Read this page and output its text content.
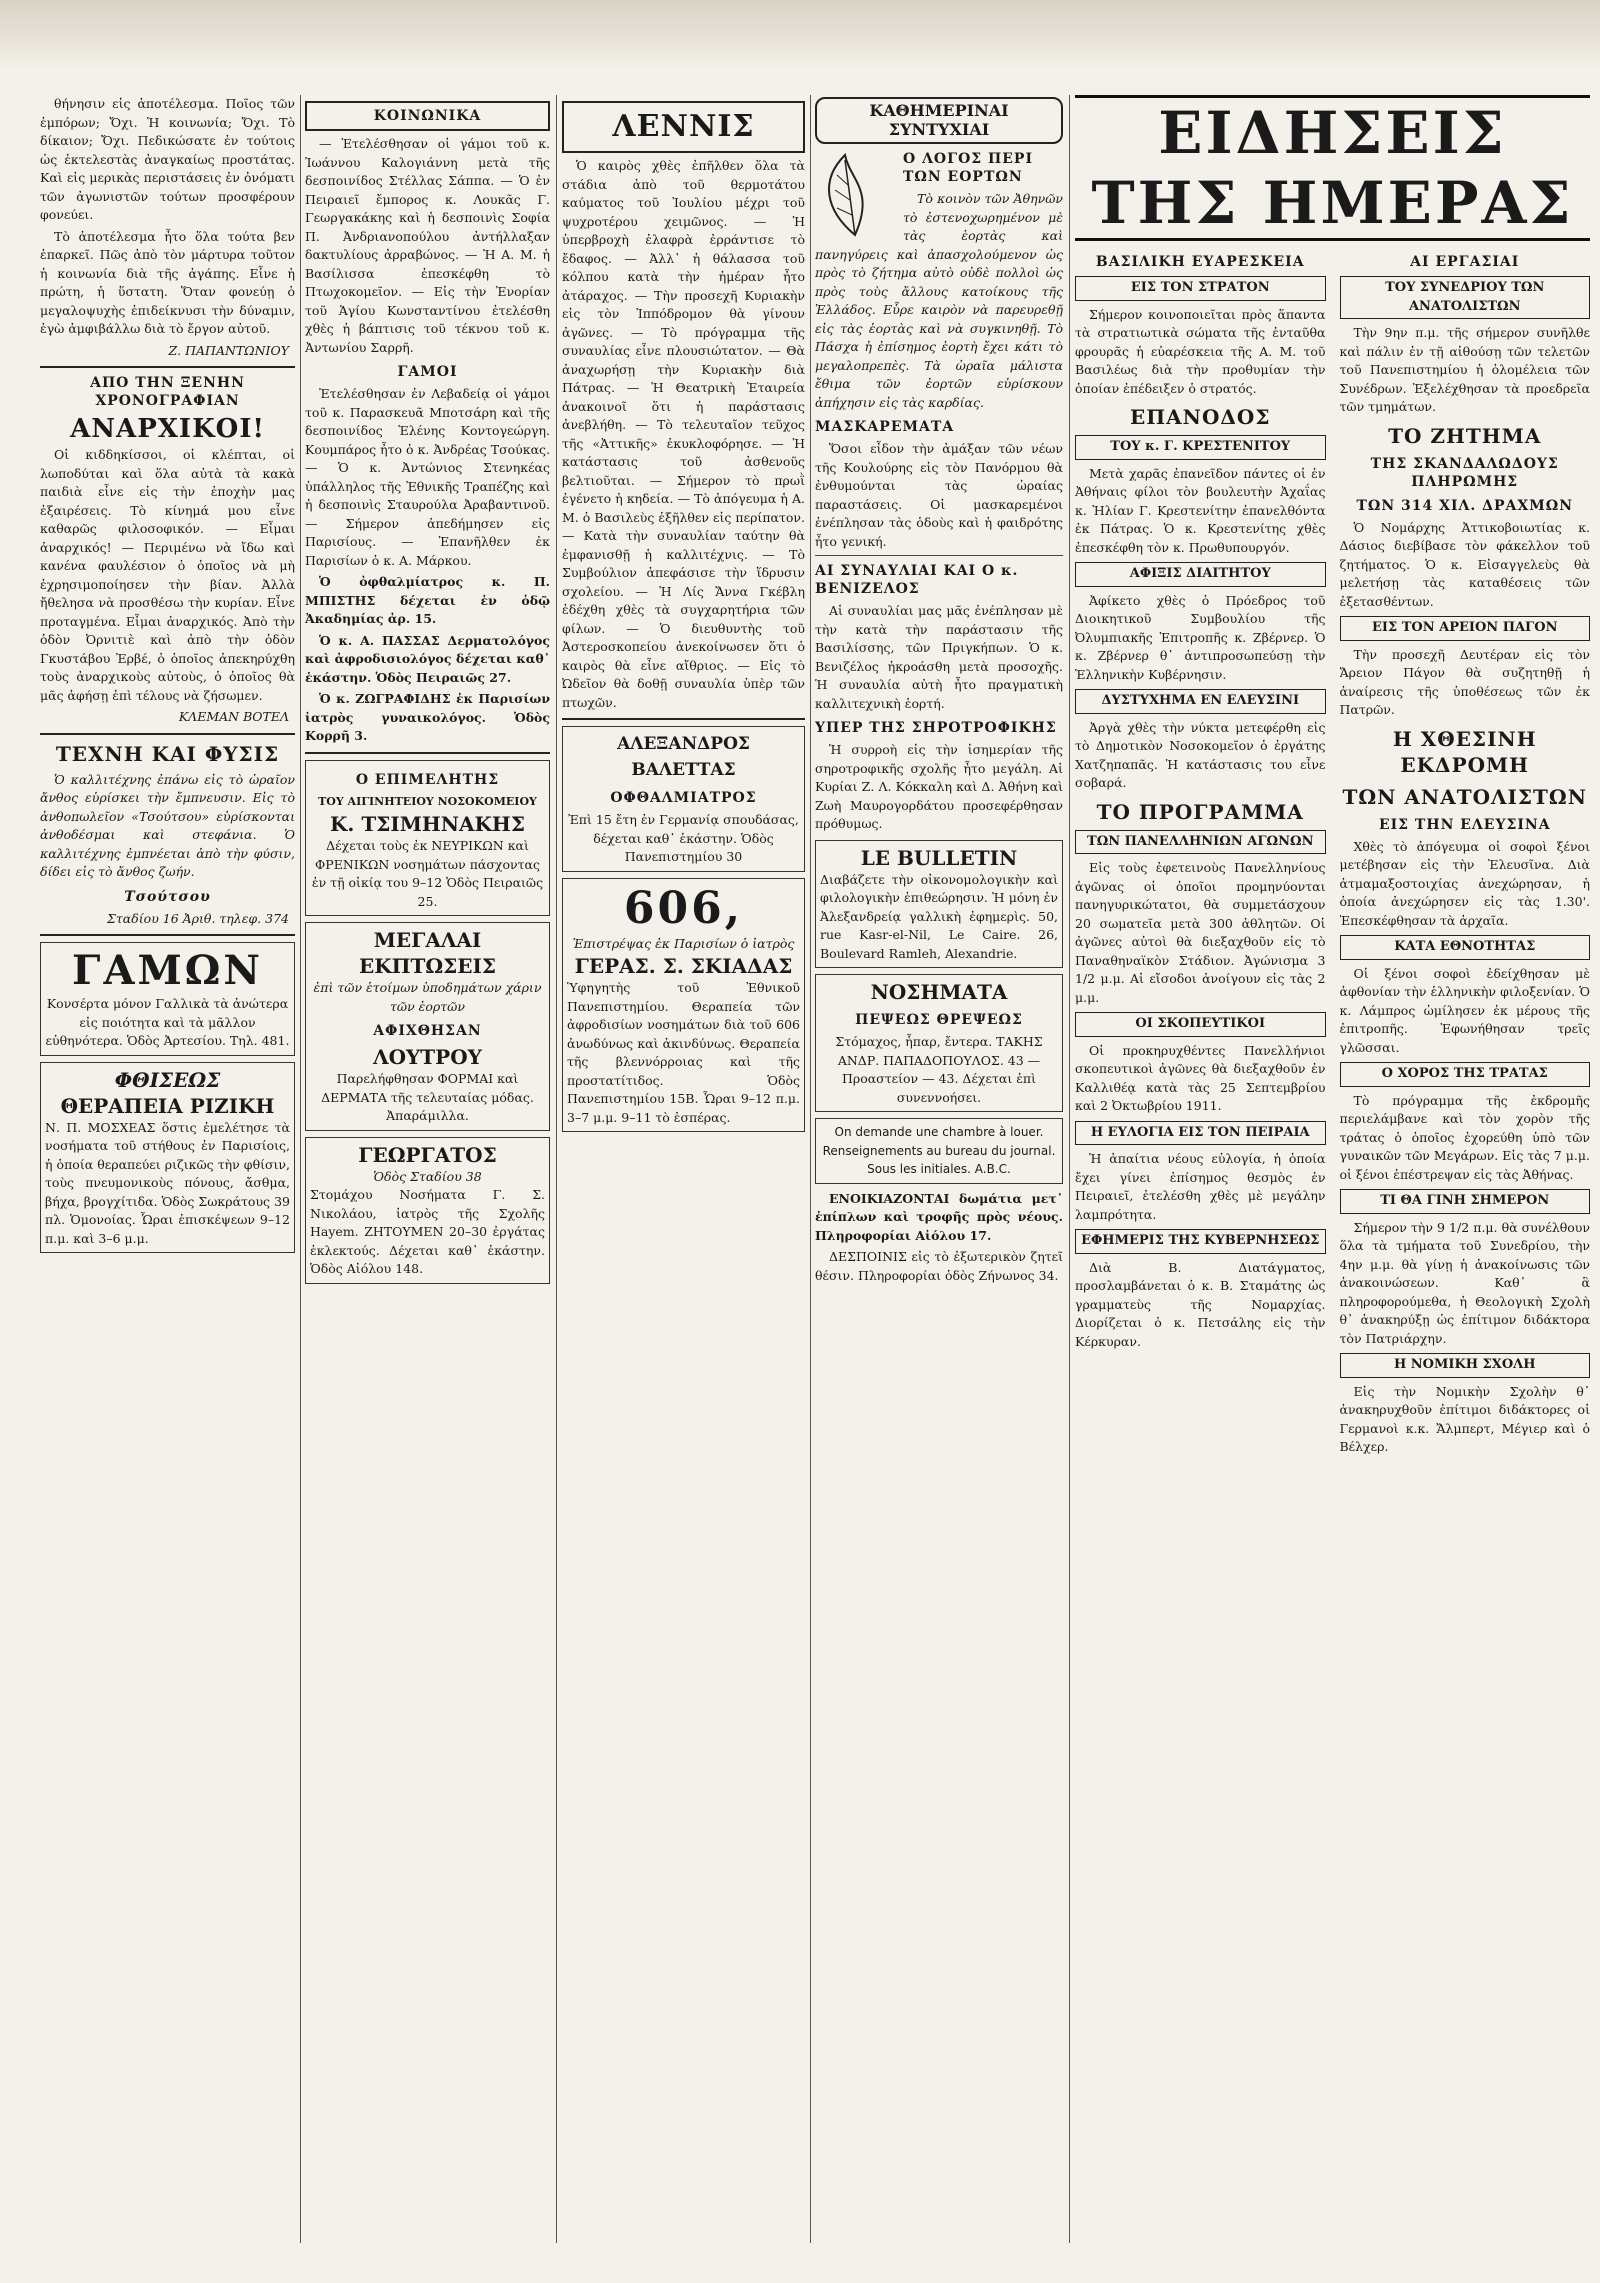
θήνησιν εἰς ἀποτέλεσμα. Ποῖος τῶν ἐμπόρων; Ὄχι. Ἡ κοινωνία; Ὄχι. Τὸ δίκαιον; Ὄχι. Πεδικώσατε ἐν τούτοις ὡς ἐκτελεστὰς ἀναγκαίως προστάτας. Καὶ εἰς μερικὰς περιστάσεις ἐν ὀνόματι τῶν ἀγωνιστῶν τούτων προσφέρουν φονεύει.

Τὸ ἀποτέλεσμα ἦτο ὅλα τούτα βεν ἐπαρκεῖ. Πῶς ἀπὸ τὸν μάρτυρα τοῦτον ἡ κοινωνία διὰ τῆς ἀγάπης. Εἶνε ἡ πρώτη, ἡ ὕστατη. Ὅταν φονεύῃ ὁ μεγαλοψυχὴς ἐπιδείκνυσι τὴν δύναμιν, ἐγὼ ἀμφιβάλλω διὰ τὸ ἔργον αὐτοῦ.

Ζ. ΠΑΠΑΝΤΩΝΙΟΥ
ΑΠΟ ΤΗΝ ΞΕΝΗΝ ΧΡΟΝΟΓΡΑΦΙΑΝ
ΑΝΑΡΧΙΚΟΙ!

Οἱ κιδδηκίσσοι, οἱ κλέπται, οἱ λωποδύται καὶ ὅλα αὐτὰ τὰ κακὰ παιδιὰ εἶνε εἰς τὴν ἐποχὴν μας ἐξαιρέσεις. Τὸ κίνημά μου εἶνε καθαρῶς φιλοσοφικόν. — Εἶμαι ἀναρχικός! — Περιμένω νὰ ἴδω καὶ κανένα φαυλέσιον ὁ ὁποῖος νὰ μὴ ἐχρησιμοποίησεν τὴν βίαν. Ἀλλὰ ἤθελησα νὰ προσθέσω τὴν κυρίαν. Εἶνε προταγμένα. Εἶμαι ἀναρχικός. Ἀπὸ τὴν ὁδὸν Ὀρνιτιὲ καὶ ἀπὸ τὴν ὁδὸν Γκυστάβου Ἐρβέ, ὁ ὁποῖος ἀπεκηρύχθη τοὺς ἀναρχικοὺς αὐτοὺς, ὁ ὁποῖος θὰ μᾶς ἀφήσῃ ἐπὶ τέλους νὰ ζήσωμεν.

ΚΛΕΜΑΝ ΒΟΤΕΛ
ΤΕΧΝΗ ΚΑΙ ΦΥΣΙΣ

Ὁ καλλιτέχνης ἐπάνω εἰς τὸ ὡραῖον ἄνθος εὑρίσκει τὴν ἔμπνευσιν. Εἰς τὸ ἀνθοπωλεῖον «Τσούτσου» εὑρίσκονται ἀνθοδέσμαι καὶ στεφάνια. Ὁ καλλιτέχνης ἐμπνέεται ἀπὸ τὴν φύσιν, δίδει εἰς τὸ ἄνθος ζωήν.

Τσούτσου
Σταδίου 16 Ἀριθ. τηλεφ. 374
ΓΑΜΩΝ
Κονσέρτα μόνον Γαλλικὰ τὰ ἀνώτερα εἰς ποιότητα καὶ τὰ μᾶλλον εὐθηνότερα. Ὁδὸς Ἀρτεσίου. Τηλ. 481.
ΦΘΙΣΕΩΣ
ΘΕΡΑΠΕΙΑ ΡΙΖΙΚΗ
Ν. Π. ΜΟΣΧΕΑΣ ὅστις ἐμελέτησε τὰ νοσήματα τοῦ στήθους ἐν Παρισίοις, ἡ ὁποία θεραπεύει ριζικῶς τὴν φθίσιν, τοὺς πνευμονικοὺς πόνους, ἄσθμα, βήχα, βρογχίτιδα. Ὁδὸς Σωκράτους 39 πλ. Ὁμονοίας. Ὧραι ἐπισκέψεων 9–12 π.μ. καὶ 3–6 μ.μ.
ΚΟΙΝΩΝΙΚΑ

— Ἐτελέσθησαν οἱ γάμοι τοῦ κ. Ἰωάννου Καλογιάννη μετὰ τῆς δεσποινίδος Στέλλας Σάππα. — Ὁ ἐν Πειραιεῖ ἔμπορος κ. Λουκᾶς Γ. Γεωργακάκης καὶ ἡ δεσποινὶς Σοφία Π. Ἀνδριανοπούλου ἀντήλλαξαν δακτυλίους ἀρραβώνος. — Ἡ Α. Μ. ἡ Βασίλισσα ἐπεσκέφθη τὸ Πτωχοκομεῖον. — Εἰς τὴν Ἐνορίαν τοῦ Ἁγίου Κωνσταντίνου ἐτελέσθη χθὲς ἡ βάπτισις τοῦ τέκνου τοῦ κ. Ἀντωνίου Σαρρῆ.

ΓΑΜΟΙ

Ἐτελέσθησαν ἐν Λεβαδείᾳ οἱ γάμοι τοῦ κ. Παρασκευᾶ Μποτσάρη καὶ τῆς δεσποινίδος Ἑλένης Κοντογεώργη. Κουμπάρος ἦτο ὁ κ. Ἀνδρέας Τσούκας. — Ὁ κ. Ἀντώνιος Στενηκέας ὑπάλληλος τῆς Ἐθνικῆς Τραπέζης καὶ ἡ δεσποινὶς Σταυρούλα Ἀραβαντινοῦ. — Σήμερον ἀπεδήμησεν εἰς Παρισίους. — Ἐπανῆλθεν ἐκ Παρισίων ὁ κ. Α. Μάρκου.

Ὁ ὀφθαλμίατρος κ. Π. ΜΠΙΣΤΗΣ δέχεται ἐν ὁδῷ Ἀκαδημίας ἀρ. 15.

Ὁ κ. Α. ΠΑΣΣΑΣ Δερματολόγος καὶ ἀφροδισιολόγος δέχεται καθ᾿ ἑκάστην. Ὁδὸς Πειραιῶς 27.

Ὁ κ. ΖΩΓΡΑΦΙΔΗΣ ἐκ Παρισίων ἰατρὸς γυναικολόγος. Ὁδὸς Κορρῆ 3.

Ο ΕΠΙΜΕΛΗΤΗΣ
ΤΟΥ ΑΙΓΙΝΗΤΕΙΟΥ ΝΟΣΟΚΟΜΕΙΟΥ
Κ. ΤΣΙΜΗΝΑΚΗΣ
Δέχεται τοὺς ἐκ ΝΕΥΡΙΚΩΝ καὶ ΦΡΕΝΙΚΩΝ νοσημάτων πάσχοντας ἐν τῇ οἰκίᾳ του 9–12 Ὁδὸς Πειραιῶς 25.
ΜΕΓΑΛΑΙ ΕΚΠΤΩΣΕΙΣ
ἐπὶ τῶν ἑτοίμων ὑποδημάτων χάριν τῶν ἑορτῶν
ΑΦΙΧΘΗΣΑΝ
ΛΟΥΤΡΟΥ
Παρελήφθησαν ΦΟΡΜΑΙ καὶ ΔΕΡΜΑΤΑ τῆς τελευταίας μόδας. Ἀπαράμιλλα.
ΓΕΩΡΓΑΤΟΣ
Ὁδὸς Σταδίου 38
Στομάχου Νοσήματα Γ. Σ. Νικολάου, ἰατρὸς τῆς Σχολῆς Hayem. ΖΗΤΟΥΜΕΝ 20–30 ἐργάτας ἐκλεκτούς. Δέχεται καθ᾿ ἑκάστην. Ὁδὸς Αἰόλου 148.
ΛΕΝΝΙΣ

Ὁ καιρὸς χθὲς ἐπῆλθεν ὅλα τὰ στάδια ἀπὸ τοῦ θερμοτάτου καύματος τοῦ Ἰουλίου μέχρι τοῦ ψυχροτέρου χειμῶνος. — Ἡ ὑπερβροχὴ ἐλαφρὰ ἐρράντισε τὸ ἔδαφος. — Ἀλλ᾿ ἡ θάλασσα τοῦ κόλπου κατὰ τὴν ἡμέραν ἦτο ἀτάραχος. — Τὴν προσεχῆ Κυριακὴν εἰς τὸν Ἱππόδρομον θὰ γίνουν ἀγῶνες. — Τὸ πρόγραμμα τῆς συναυλίας εἶνε πλουσιώτατον. — Θὰ ἀναχωρήσῃ τὴν Κυριακὴν διὰ Πάτρας. — Ἡ Θεατρικὴ Ἑταιρεία ἀνακοινοῖ ὅτι ἡ παράστασις ἀνεβλήθη. — Τὸ τελευταῖον τεῦχος τῆς «Ἀττικῆς» ἐκυκλοφόρησε. — Ἡ κατάστασις τοῦ ἀσθενοῦς βελτιοῦται. — Σήμερον τὸ πρωῒ ἐγένετο ἡ κηδεία. — Τὸ ἀπόγευμα ἡ Α. Μ. ὁ Βασιλεὺς ἐξῆλθεν εἰς περίπατον. — Κατὰ τὴν συναυλίαν ταύτην θὰ ἐμφανισθῇ ἡ καλλιτέχνις. — Τὸ Συμβούλιον ἀπεφάσισε τὴν ἵδρυσιν σχολείου. — Ἡ Λίς Ἄννα Γκέβλη ἐδέχθη χθὲς τὰ συγχαρητήρια τῶν φίλων. — Ὁ διευθυντὴς τοῦ Ἀστεροσκοπείου ἀνεκοίνωσεν ὅτι ὁ καιρὸς θὰ εἶνε αἴθριος. — Εἰς τὸ Ὠδεῖον θὰ δοθῇ συναυλία ὑπὲρ τῶν πτωχῶν.

ΑΛΕΞΑΝΔΡΟΣ ΒΑΛΕΤΤΑΣ
ΟΦΘΑΛΜΙΑΤΡΟΣ
Ἐπὶ 15 ἔτη ἐν Γερμανίᾳ σπουδάσας, δέχεται καθ᾿ ἑκάστην. Ὁδὸς Πανεπιστημίου 30
606,
Ἐπιστρέψας ἐκ Παρισίων ὁ ἰατρὸς
ΓΕΡΑΣ. Σ. ΣΚΙΑΔΑΣ
Ὑφηγητὴς τοῦ Ἐθνικοῦ Πανεπιστημίου. Θεραπεία τῶν ἀφροδισίων νοσημάτων διὰ τοῦ 606 ἀνωδύνως καὶ ἀκινδύνως. Θεραπεία τῆς βλεννόρροιας καὶ τῆς προστατίτιδος. Ὁδὸς Πανεπιστημίου 15Β. Ὧραι 9–12 π.μ. 3–7 μ.μ. 9–11 τὸ ἑσπέρας.
ΚΑΘΗΜΕΡΙΝΑΙ ΣΥΝΤΥΧΙΑΙ
Ο ΛΟΓΟΣ ΠΕΡΙ ΤΩΝ ΕΟΡΤΩΝ

Τὸ κοινὸν τῶν Ἀθηνῶν τὸ ἐστενοχωρημένον μὲ τὰς ἑορτὰς καὶ πανηγύρεις καὶ ἀπασχολούμενον ὡς πρὸς τὸ ζήτημα αὐτὸ οὐδὲ πολλοὶ ὡς πρὸς τοὺς ἄλλους κατοίκους τῆς Ἑλλάδος. Εὗρε καιρὸν νὰ παρευρεθῇ εἰς τὰς ἑορτὰς καὶ νὰ συγκινηθῇ. Τὸ Πάσχα ἡ ἐπίσημος ἑορτὴ ἔχει κάτι τὸ μεγαλοπρεπὲς. Τὰ ὡραῖα μάλιστα ἔθιμα τῶν ἐορτῶν εὑρίσκουν ἀπήχησιν εἰς τὰς καρδίας.

ΜΑΣΚΑΡΕΜΑΤΑ

Ὅσοι εἶδον τὴν ἀμάξαν τῶν νέων τῆς Κουλούρης εἰς τὸν Πανόρμου θὰ ἐνθυμούνται τὰς ὡραίας παραστάσεις. Οἱ μασκαρεμένοι ἐνέπλησαν τὰς ὁδοὺς καὶ ἡ φαιδρότης ἦτο γενική.

ΑΙ ΣΥΝΑΥΛΙΑΙ ΚΑΙ Ο κ. ΒΕΝΙΖΕΛΟΣ

Αἱ συναυλίαι μας μᾶς ἐνέπλησαν μὲ τὴν κατὰ τὴν παράστασιν τῆς Βασιλίσσης, τῶν Πριγκήπων. Ὁ κ. Βενιζέλος ἠκροάσθη μετὰ προσοχῆς. Ἡ συναυλία αὐτὴ ἦτο πραγματικὴ καλλιτεχνικὴ ἑορτή.

ΥΠΕΡ ΤΗΣ ΣΗΡΟΤΡΟΦΙΚΗΣ

Ἡ συρροὴ εἰς τὴν ἰσημερίαν τῆς σηροτροφικῆς σχολῆς ἦτο μεγάλη. Αἱ Κυρίαι Ζ. Λ. Κόκκαλη καὶ Δ. Ἀθήνη καὶ Ζωὴ Μαυρογορδάτου προσεφέρθησαν πρόθυμως.

LE BULLETIN
Διαβάζετε τὴν οἰκονομολογικὴν καὶ φιλολογικὴν ἐπιθεώρησιν. Ἡ μόνη ἐν Ἀλεξανδρείᾳ γαλλικὴ ἐφημερὶς. 50, rue Kasr-el-Nil, Le Caire. 26, Boulevard Ramleh, Alexandrie.
ΝΟΣΗΜΑΤΑ
ΠΕΨΕΩΣ ΘΡΕΨΕΩΣ
Στόμαχος, ἧπαρ, ἔντερα. ΤΑΚΗΣ ΑΝΔΡ. ΠΑΠΑΔΟΠΟΥΛΟΣ. 43 — Προαστείον — 43. Δέχεται ἐπὶ συνεννοήσει.
On demande une chambre à louer. Renseignements au bureau du journal. Sous les initiales. A.B.C.

ΕΝΟΙΚΙΑΖΟΝΤΑΙ δωμάτια μετ᾿ ἐπίπλων καὶ τροφῆς πρὸς νέους. Πληροφορίαι Αἰόλου 17.

ΔΕΣΠΟΙΝΙΣ εἰς τὸ ἐξωτερικὸν ζητεῖ θέσιν. Πληροφορίαι ὁδὸς Ζήνωνος 34.

ΕΙΔΗΣΕΙΣ ΤΗΣ ΗΜΕΡΑΣ
ΒΑΣΙΛΙΚΗ ΕΥΑΡΕΣΚΕΙΑ
ΕΙΣ ΤΟΝ ΣΤΡΑΤΟΝ

Σήμερον κοινοποιεῖται πρὸς ἅπαντα τὰ στρατιωτικὰ σώματα τῆς ἐνταῦθα φρουρᾶς ἡ εὐαρέσκεια τῆς Α. Μ. τοῦ Βασιλέως διὰ τὴν προθυμίαν τὴν ὁποίαν ἐπέδειξεν ὁ στρατός.

ΕΠΑΝΟΔΟΣ
ΤΟΥ κ. Γ. ΚΡΕΣΤΕΝΙΤΟΥ

Μετὰ χαρᾶς ἐπανεῖδον πάντες οἱ ἐν Ἀθήναις φίλοι τὸν βουλευτὴν Ἀχαΐας κ. Ἠλίαν Γ. Κρεστενίτην ἐπανελθόντα ἐκ Πάτρας. Ὁ κ. Κρεστενίτης χθὲς ἐπεσκέφθη τὸν κ. Πρωθυπουργόν.

ΑΦΙΞΙΣ ΔΙΑΙΤΗΤΟΥ

Ἀφίκετο χθὲς ὁ Πρόεδρος τοῦ Διοικητικοῦ Συμβουλίου τῆς Ὀλυμπιακῆς Ἐπιτροπῆς κ. Ζβέρνερ. Ὁ κ. Ζβέρνερ θ᾿ ἀντιπροσωπεύσῃ τὴν Ἑλληνικὴν Κυβέρνησιν.

ΔΥΣΤΥΧΗΜΑ ΕΝ ΕΛΕΥΣΙΝΙ

Ἀργὰ χθὲς τὴν νύκτα μετεφέρθη εἰς τὸ Δημοτικὸν Νοσοκομεῖον ὁ ἐργάτης Χατζηπαπᾶς. Ἡ κατάστασις του εἶνε σοβαρά.

ΤΟ ΠΡΟΓΡΑΜΜΑ
ΤΩΝ ΠΑΝΕΛΛΗΝΙΩΝ ΑΓΩΝΩΝ

Εἰς τοὺς ἐφετεινοὺς Πανελληνίους ἀγῶνας οἱ ὁποῖοι προμηνύονται πανηγυρικώτατοι, θὰ συμμετάσχουν 20 σωματεῖα μετὰ 300 ἀθλητῶν. Οἱ ἀγῶνες αὐτοὶ θὰ διεξαχθοῦν εἰς τὸ Παναθηναϊκὸν Στάδιον. Ἀγώνισμα 3 1/2 μ.μ. Αἱ εἴσοδοι ἀνοίγουν εἰς τὰς 2 μ.μ.

ΟΙ ΣΚΟΠΕΥΤΙΚΟΙ

Οἱ προκηρυχθέντες Πανελλήνιοι σκοπευτικοὶ ἀγῶνες θὰ διεξαχθοῦν ἐν Καλλιθέᾳ κατὰ τὰς 25 Σεπτεμβρίου καὶ 2 Ὀκτωβρίου 1911.

Η ΕΥΛΟΓΙΑ ΕΙΣ ΤΟΝ ΠΕΙΡΑΙΑ

Ἡ ἀπαίτια νέους εὐλογία, ἡ ὁποία ἔχει γίνει ἐπίσημος θεσμὸς ἐν Πειραιεῖ, ἐτελέσθη χθὲς μὲ μεγάλην λαμπρότητα.

ΕΦΗΜΕΡΙΣ ΤΗΣ ΚΥΒΕΡΝΗΣΕΩΣ

Διὰ Β. Διατάγματος, προσλαμβάνεται ὁ κ. Β. Σταμάτης ὡς γραμματεὺς τῆς Νομαρχίας. Διορίζεται ὁ κ. Πετσάλης εἰς τὴν Κέρκυραν.

ΑΙ ΕΡΓΑΣΙΑΙ
ΤΟΥ ΣΥΝΕΔΡΙΟΥ ΤΩΝ ΑΝΑΤΟΛΙΣΤΩΝ

Τὴν 9ην π.μ. τῆς σήμερον συνῆλθε καὶ πάλιν ἐν τῇ αἰθούσῃ τῶν τελετῶν τοῦ Πανεπιστημίου ἡ ὁλομέλεια τῶν Συνέδρων. Ἐξελέχθησαν τὰ προεδρεῖα τῶν τμημάτων.

ΤΟ ΖΗΤΗΜΑ
ΤΗΣ ΣΚΑΝΔΑΛΩΔΟΥΣ ΠΛΗΡΩΜΗΣ
ΤΩΝ 314 ΧΙΛ. ΔΡΑΧΜΩΝ

Ὁ Νομάρχης Ἀττικοβοιωτίας κ. Δάσιος διεβίβασε τὸν φάκελλον τοῦ ζητήματος. Ὁ κ. Εἰσαγγελεὺς θὰ μελετήσῃ τὰς καταθέσεις τῶν ἐξετασθέντων.

ΕΙΣ ΤΟΝ ΑΡΕΙΟΝ ΠΑΓΟΝ

Τὴν προσεχῆ Δευτέραν εἰς τὸν Ἄρειον Πάγον θὰ συζητηθῇ ἡ ἀναίρεσις τῆς ὑποθέσεως τῶν ἐκ Πατρῶν.

Η ΧΘΕΣΙΝΗ ΕΚΔΡΟΜΗ
ΤΩΝ ΑΝΑΤΟΛΙΣΤΩΝ
ΕΙΣ ΤΗΝ ΕΛΕΥΣΙΝΑ

Χθὲς τὸ ἀπόγευμα οἱ σοφοὶ ξένοι μετέβησαν εἰς τὴν Ἐλευσῖνα. Διὰ ἀτμαμαξοστοιχίας ἀνεχώρησαν, ἡ ὁποία ἀνεχώρησεν εἰς τὰς 1.30'. Ἐπεσκέφθησαν τὰ ἀρχαῖα.

ΚΑΤΑ ΕΘΝΟΤΗΤΑΣ

Οἱ ξένοι σοφοὶ ἐδείχθησαν μὲ ἀφθονίαν τὴν ἑλληνικὴν φιλοξενίαν. Ὁ κ. Λάμπρος ὡμίλησεν ἐκ μέρους τῆς ἐπιτροπῆς. Ἐφωνήθησαν τρεῖς γλῶσσαι.

Ο ΧΟΡΟΣ ΤΗΣ ΤΡΑΤΑΣ

Τὸ πρόγραμμα τῆς ἐκδρομῆς περιελάμβανε καὶ τὸν χορὸν τῆς τράτας ὁ ὁποῖος ἐχορεύθη ὑπὸ τῶν γυναικῶν τῶν Μεγάρων. Εἰς τὰς 7 μ.μ. οἱ ξένοι ἐπέστρεψαν εἰς τὰς Ἀθήνας.

ΤΙ ΘΑ ΓΙΝΗ ΣΗΜΕΡΟΝ

Σήμερον τὴν 9 1/2 π.μ. θὰ συνέλθουν ὅλα τὰ τμήματα τοῦ Συνεδρίου, τὴν 4ην μ.μ. θὰ γίνῃ ἡ ἀνακοίνωσις τῶν ἀνακοινώσεων. Καθ᾿ ἃ πληροφορούμεθα, ἡ Θεολογικὴ Σχολὴ θ᾿ ἀνακηρύξῃ ὡς ἐπίτιμον διδάκτορα τὸν Πατριάρχην.

Η ΝΟΜΙΚΗ ΣΧΟΛΗ

Εἰς τὴν Νομικὴν Σχολὴν θ᾿ ἀνακηρυχθοῦν ἐπίτιμοι διδάκτορες οἱ Γερμανοὶ κ.κ. Ἄλμπερτ, Μέγιερ καὶ ὁ Βέλχερ.
